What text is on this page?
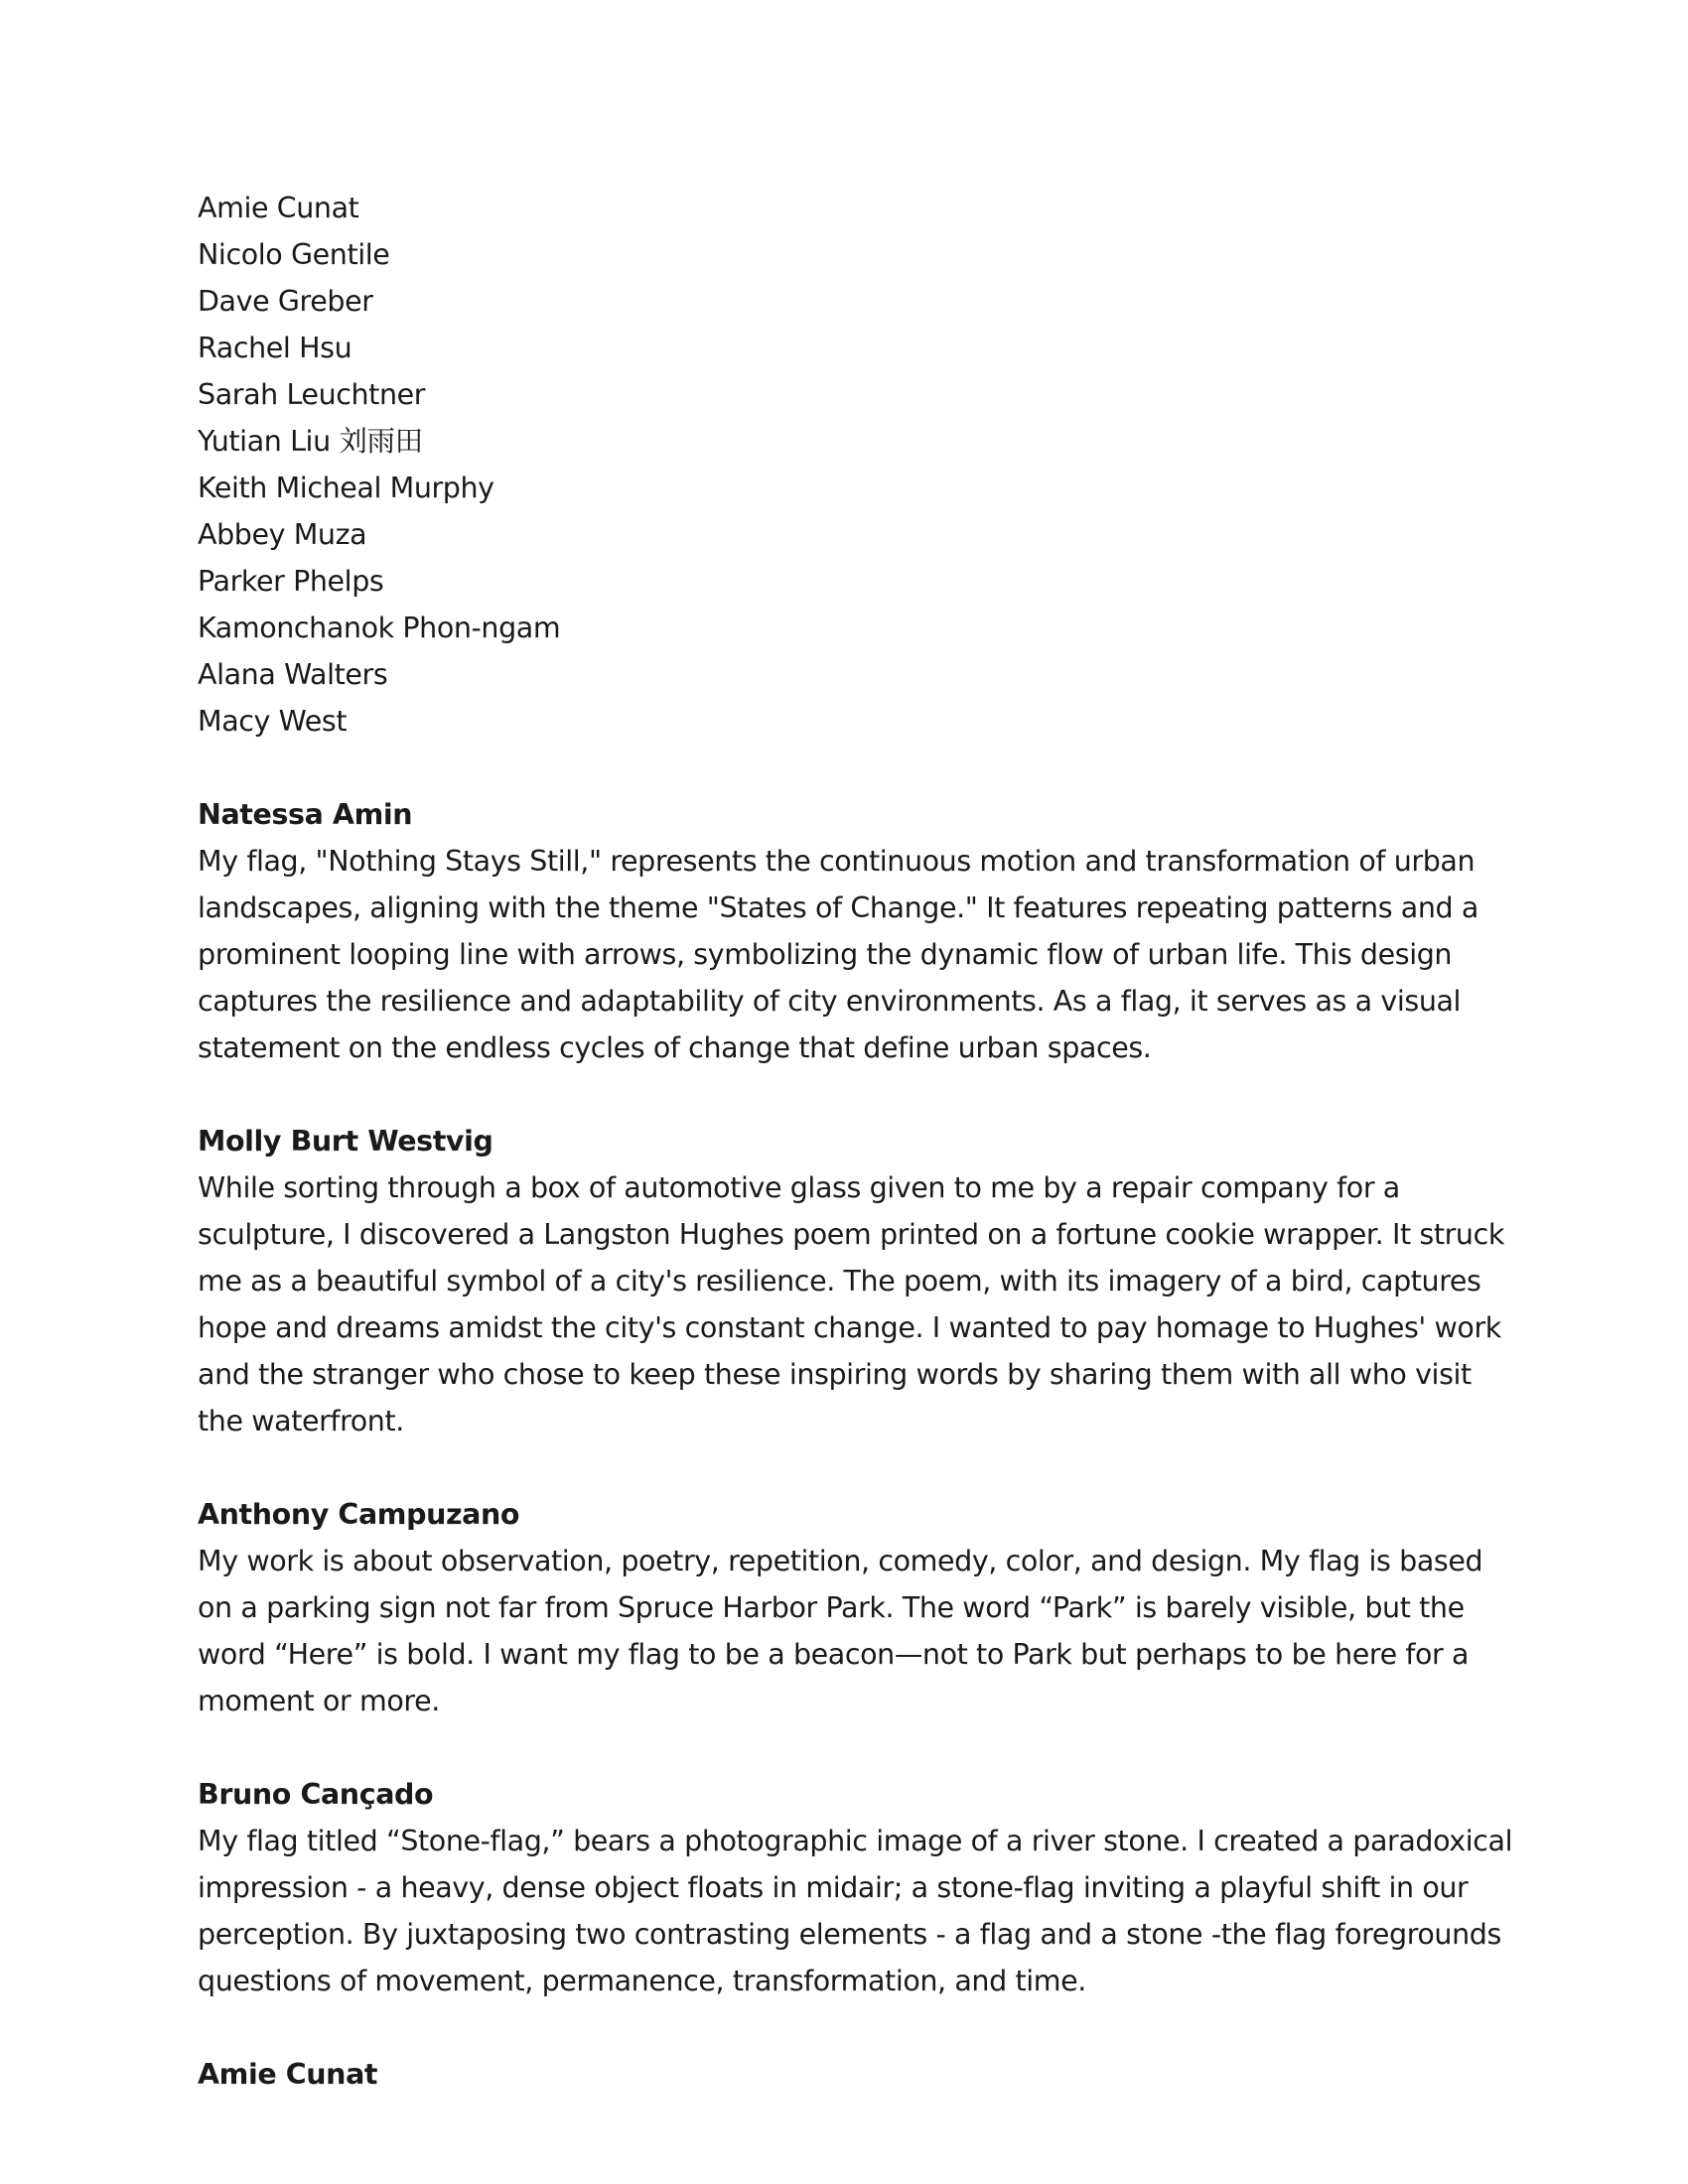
Amie Cunat
Nicolo Gentile
Dave Greber
Rachel Hsu
Sarah Leuchtner
Yutian Liu 刘雨田
Keith Micheal Murphy
Abbey Muza
Parker Phelps
Kamonchanok Phon-ngam
Alana Walters
Macy West
Natessa Amin
My flag, "Nothing Stays Still," represents the continuous motion and transformation of urban
landscapes, aligning with the theme "States of Change." It features repeating patterns and a
prominent looping line with arrows, symbolizing the dynamic flow of urban life. This design
captures the resilience and adaptability of city environments. As a flag, it serves as a visual
statement on the endless cycles of change that define urban spaces.
Molly Burt Westvig
While sorting through a box of automotive glass given to me by a repair company for a
sculpture, I discovered a Langston Hughes poem printed on a fortune cookie wrapper. It struck
me as a beautiful symbol of a city's resilience. The poem, with its imagery of a bird, captures
hope and dreams amidst the city's constant change. I wanted to pay homage to Hughes' work
and the stranger who chose to keep these inspiring words by sharing them with all who visit
the waterfront.
Anthony Campuzano
My work is about observation, poetry, repetition, comedy, color, and design. My flag is based
on a parking sign not far from Spruce Harbor Park. The word “Park” is barely visible, but the
word “Here” is bold. I want my flag to be a beacon—not to Park but perhaps to be here for a
moment or more.
Bruno Cançado
My flag titled “Stone-flag,” bears a photographic image of a river stone. I created a paradoxical
impression - a heavy, dense object floats in midair; a stone-flag inviting a playful shift in our
perception. By juxtaposing two contrasting elements - a flag and a stone -the flag foregrounds
questions of movement, permanence, transformation, and time.
Amie Cunat
